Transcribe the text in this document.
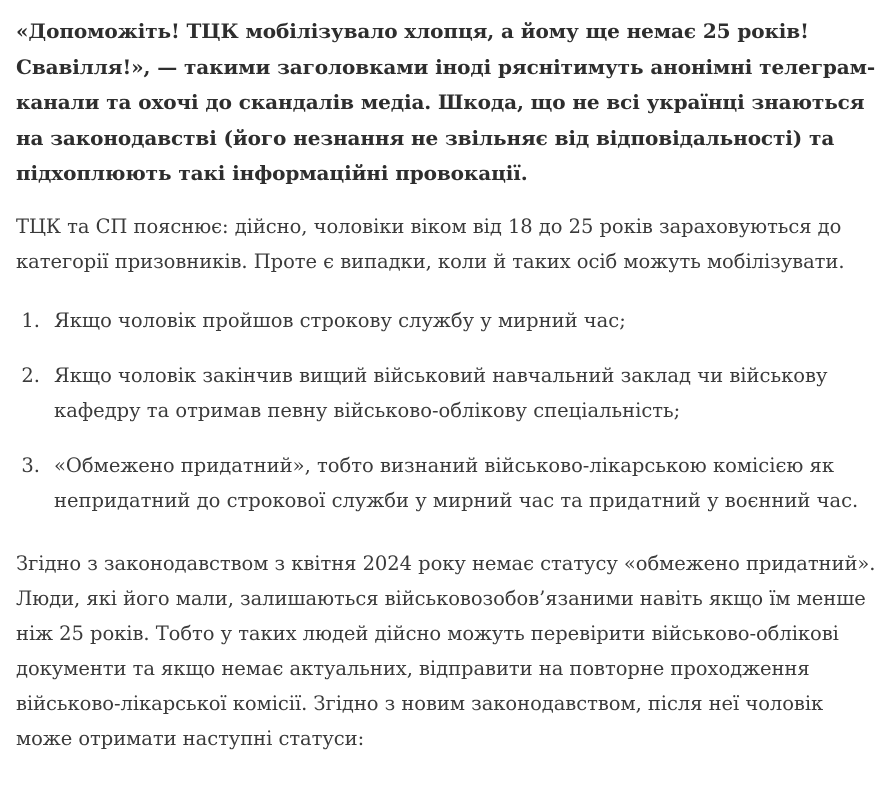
«Допоможіть! ТЦК мобілізувало хлопця, а йому ще немає 25 років! Свавілля!», — такими заголовками іноді ряснітимуть анонімні телеграм-канали та охочі до скандалів медіа. Шкода, що не всі українці знаються на законодавстві (його незнання не звільняє від відповідальності) та підхоплюють такі інформаційні провокації.

ТЦК та СП пояснює: дійсно, чоловіки віком від 18 до 25 років зараховуються до категорії призовників. Проте є випадки, коли й таких осіб можуть мобілізувати.

1. Якщо чоловік пройшов строкову службу у мирний час;
2. Якщо чоловік закінчив вищий військовий навчальний заклад чи військову кафедру та отримав певну військово-облікову спеціальність;
3. «Обмежено придатний», тобто визнаний військово-лікарською комісією як непридатний до строкової служби у мирний час та придатний у воєнний час.

Згідно з законодавством з квітня 2024 року немає статусу «обмежено придатний». Люди, які його мали, залишаються військовозобов’язаними навіть якщо їм менше ніж 25 років. Тобто у таких людей дійсно можуть перевірити військово-облікові документи та якщо немає актуальних, відправити на повторне проходження військово-лікарської комісії. Згідно з новим законодавством, після неї чоловік може отримати наступні статуси:
